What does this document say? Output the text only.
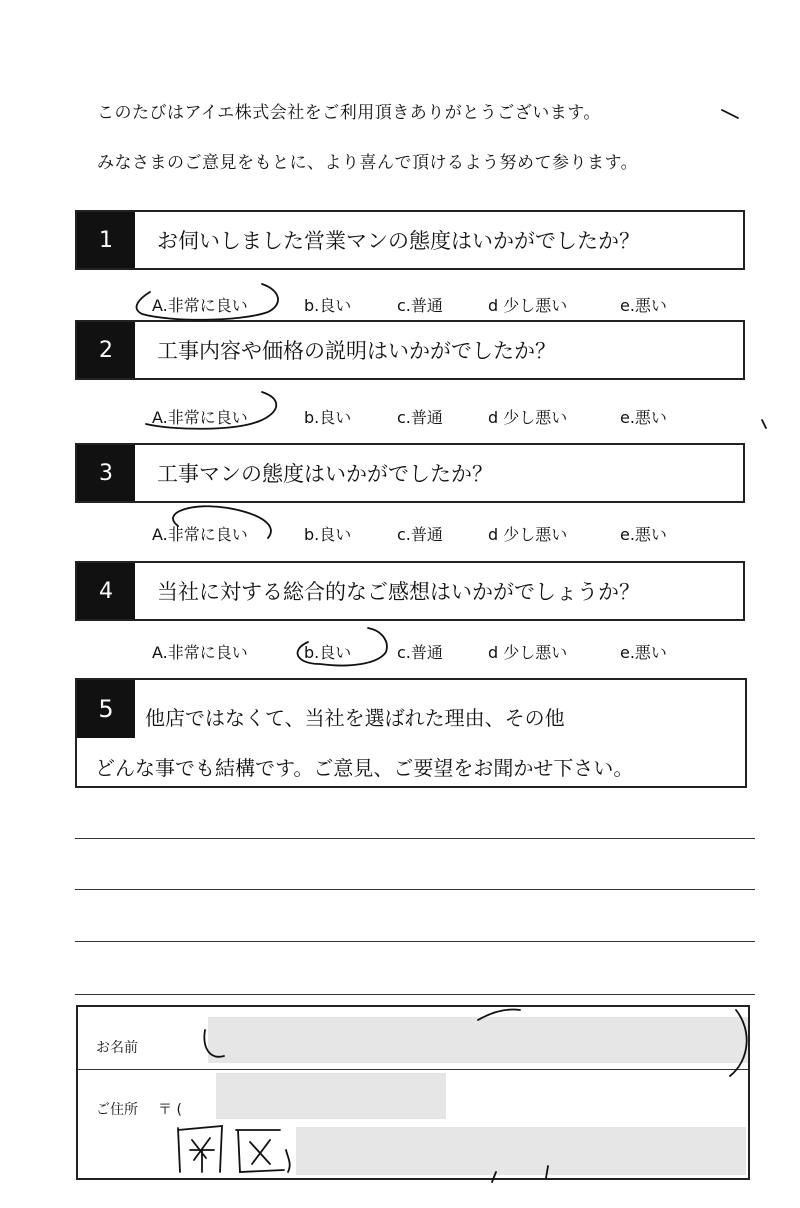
このたびはアイエ株式会社をご利用頂きありがとうございます。
みなさまのご意見をもとに、より喜んで頂けるよう努めて参ります。
1	お伺いしました営業マンの態度はいかがでしたか？
A.非常に良い	b.良い	c.普通	d 少し悪い	e.悪い
2	工事内容や価格の説明はいかがでしたか？
A.非常に良い	b.良い	c.普通	d 少し悪い	e.悪い
3	工事マンの態度はいかがでしたか？
A.非常に良い	b.良い	c.普通	d 少し悪い	e.悪い
4	当社に対する総合的なご感想はいかがでしょうか？
A.非常に良い	b.良い	c.普通	d 少し悪い	e.悪い
5	他店ではなくて、当社を選ばれた理由、その他
どんな事でも結構です。ご意見、ご要望をお聞かせ下さい。
お名前
ご住所 〒 (
